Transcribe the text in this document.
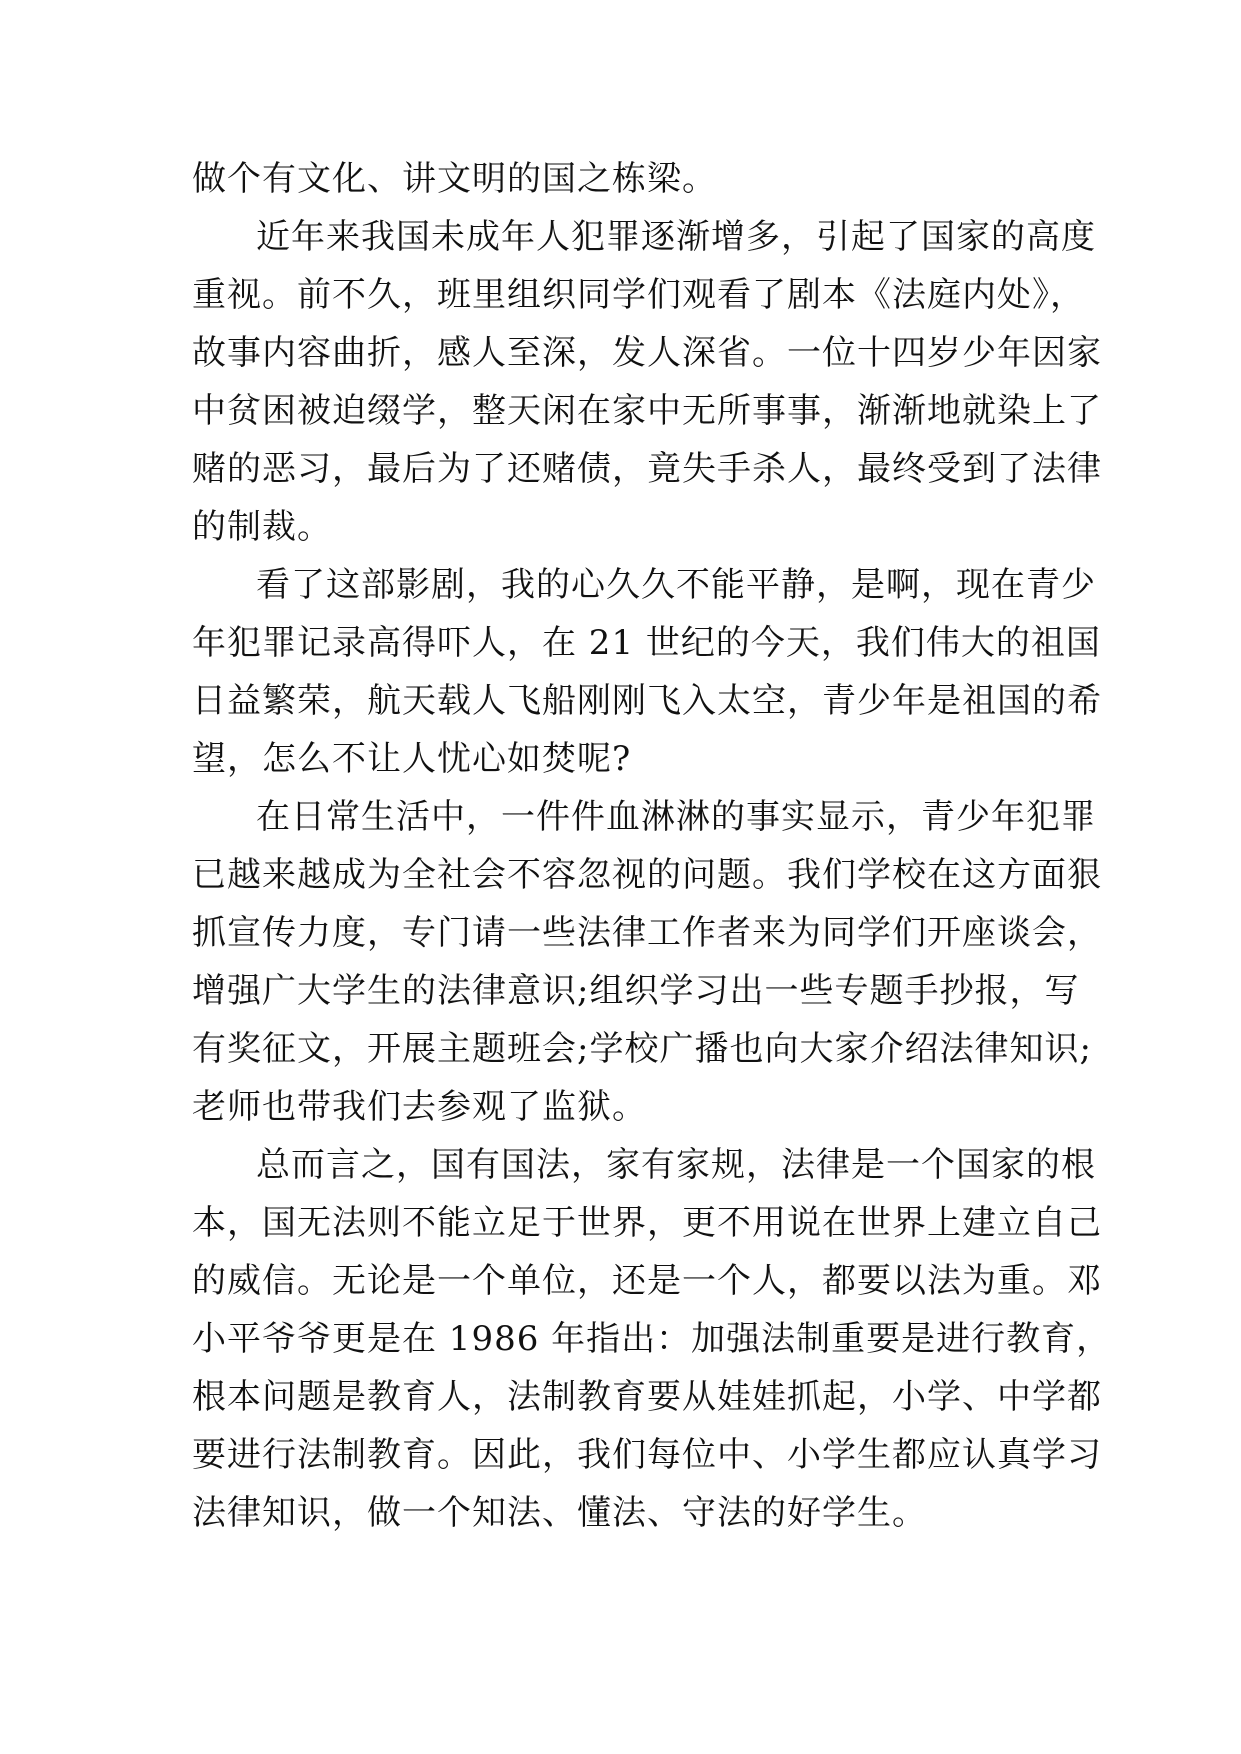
做个有文化、讲文明的国之栋梁。
近年来我国未成年人犯罪逐渐增多，引起了国家的高度
重视。前不久，班里组织同学们观看了剧本《法庭内处》，
故事内容曲折，感人至深，发人深省。一位十四岁少年因家
中贫困被迫缀学，整天闲在家中无所事事，渐渐地就染上了
赌的恶习，最后为了还赌债，竟失手杀人，最终受到了法律
的制裁。
看了这部影剧，我的心久久不能平静，是啊，现在青少
年犯罪记录高得吓人，在 21 世纪的今天，我们伟大的祖国
日益繁荣，航天载人飞船刚刚飞入太空，青少年是祖国的希
望，怎么不让人忧心如焚呢?
在日常生活中，一件件血淋淋的事实显示，青少年犯罪
已越来越成为全社会不容忽视的问题。我们学校在这方面狠
抓宣传力度，专门请一些法律工作者来为同学们开座谈会，
增强广大学生的法律意识;组织学习出一些专题手抄报，写
有奖征文，开展主题班会;学校广播也向大家介绍法律知识;
老师也带我们去参观了监狱。
总而言之，国有国法，家有家规，法律是一个国家的根
本，国无法则不能立足于世界，更不用说在世界上建立自己
的威信。无论是一个单位，还是一个人，都要以法为重。邓
小平爷爷更是在 1986 年指出：加强法制重要是进行教育，
根本问题是教育人，法制教育要从娃娃抓起，小学、中学都
要进行法制教育。因此，我们每位中、小学生都应认真学习
法律知识，做一个知法、懂法、守法的好学生。
